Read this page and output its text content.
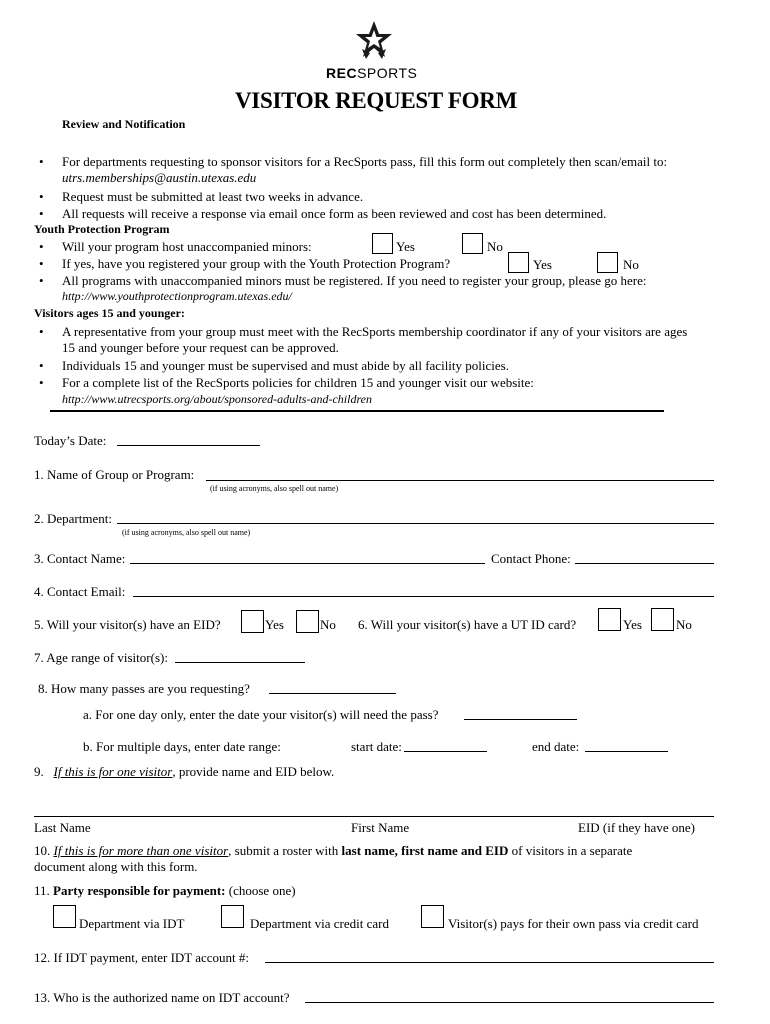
RECSPORTS
VISITOR REQUEST FORM
Review and Notification
• For departments requesting to sponsor visitors for a RecSports pass, fill this form out completely then scan/email to:
utrs.memberships@austin.utexas.edu
• Request must be submitted at least two weeks in advance.
• All requests will receive a response via email once form as been reviewed and cost has been determined.
Youth Protection Program
• Will your program host unaccompanied minors:	Yes	No
• If yes, have you registered your group with the Youth Protection Program?	Yes	No
• All programs with unaccompanied minors must be registered. If you need to register your group, please go here:
http://www.youthprotectionprogram.utexas.edu/
Visitors ages 15 and younger:
• A representative from your group must meet with the RecSports membership coordinator if any of your visitors are ages
15 and younger before your request can be approved.
• Individuals 15 and younger must be supervised and must abide by all facility policies.
• For a complete list of the RecSports policies for children 15 and younger visit our website:
http://www.utrecsports.org/about/sponsored-adults-and-children
Today’s Date:
1. Name of Group or Program:
(if using acronyms, also spell out name)
2. Department:
(if using acronyms, also spell out name)
3. Contact Name:	Contact Phone:
4. Contact Email:
5. Will your visitor(s) have an EID?	Yes	No 6. Will your visitor(s) have a UT ID card?	Yes	No
7. Age range of visitor(s):
8. How many passes are you requesting?
a. For one day only, enter the date your visitor(s) will need the pass?
b. For multiple days, enter date range:	start date:	end date:
9. If this is for one visitor, provide name and EID below.
Last Name	First Name	EID (if they have one)
10. If this is for more than one visitor, submit a roster with last name, first name and EID of visitors in a separate
document along with this form.
11. Party responsible for payment: (choose one)
Department via IDT	Department via credit card	Visitor(s) pays for their own pass via credit card
12. If IDT payment, enter IDT account #:
13. Who is the authorized name on IDT account?
